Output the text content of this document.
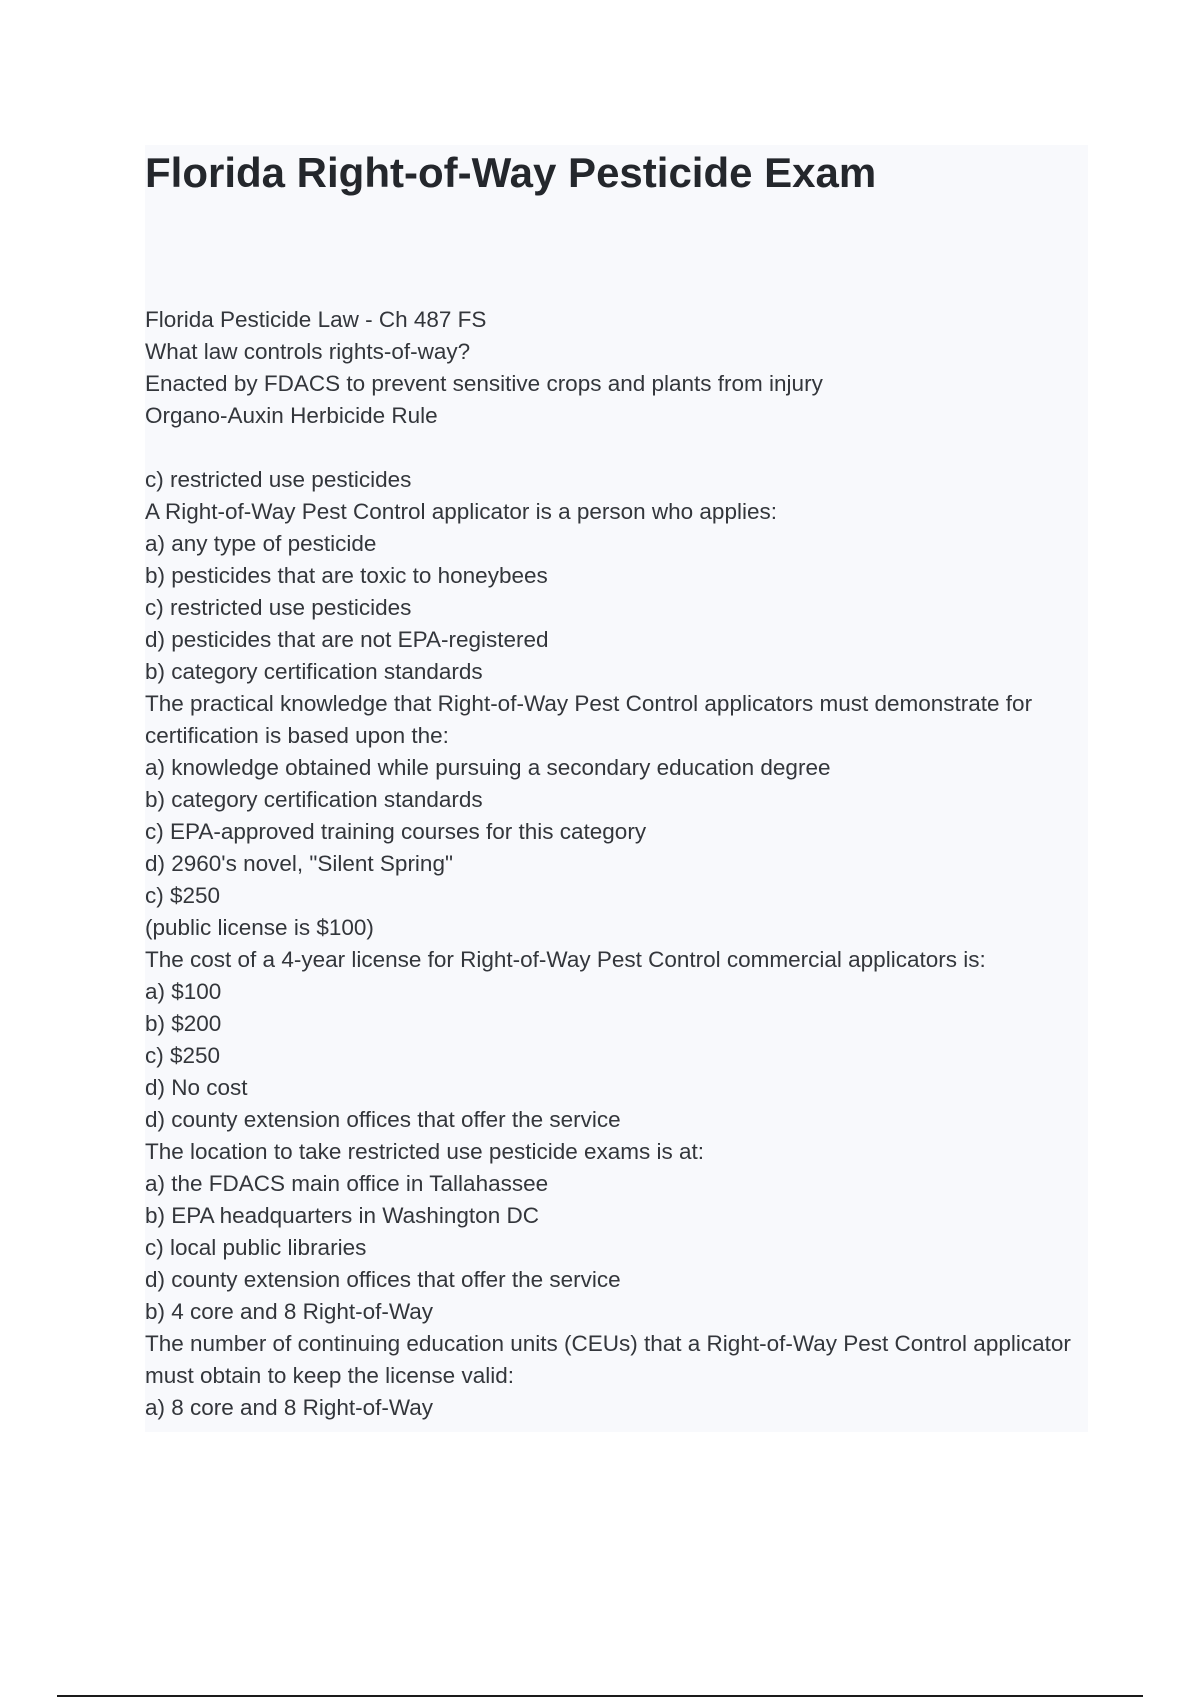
Florida Right-of-Way Pesticide Exam
Florida Pesticide Law - Ch 487 FS
What law controls rights-of-way?
Enacted by FDACS to prevent sensitive crops and plants from injury
Organo-Auxin Herbicide Rule
c) restricted use pesticides
A Right-of-Way Pest Control applicator is a person who applies:
a) any type of pesticide
b) pesticides that are toxic to honeybees
c) restricted use pesticides
d) pesticides that are not EPA-registered
b) category certification standards
The practical knowledge that Right-of-Way Pest Control applicators must demonstrate for certification is based upon the:
a) knowledge obtained while pursuing a secondary education degree
b) category certification standards
c) EPA-approved training courses for this category
d) 2960's novel, "Silent Spring"
c) $250
(public license is $100)
The cost of a 4-year license for Right-of-Way Pest Control commercial applicators is:
a) $100
b) $200
c) $250
d) No cost
d) county extension offices that offer the service
The location to take restricted use pesticide exams is at:
a) the FDACS main office in Tallahassee
b) EPA headquarters in Washington DC
c) local public libraries
d) county extension offices that offer the service
b) 4 core and 8 Right-of-Way
The number of continuing education units (CEUs) that a Right-of-Way Pest Control applicator must obtain to keep the license valid:
a) 8 core and 8 Right-of-Way
